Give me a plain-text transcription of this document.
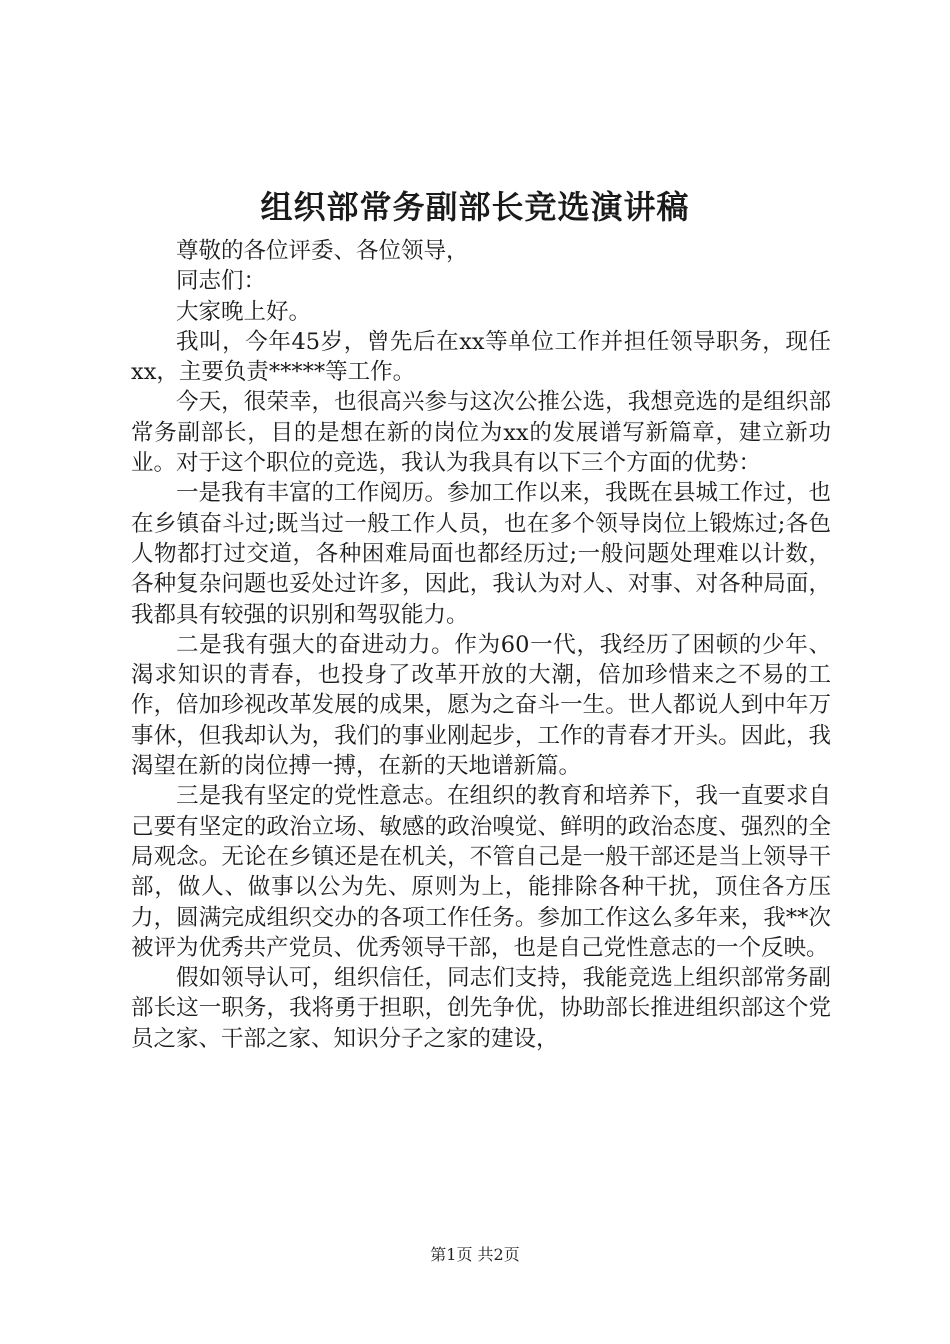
组织部常务副部长竞选演讲稿

尊敬的各位评委、各位领导，

同志们：

大家晚上好。

我叫，今年45岁，曾先后在xx等单位工作并担任领导职务，现任xx，主要负责*****等工作。

今天，很荣幸，也很高兴参与这次公推公选，我想竞选的是组织部常务副部长，目的是想在新的岗位为xx的发展谱写新篇章，建立新功业。对于这个职位的竞选，我认为我具有以下三个方面的优势：

一是我有丰富的工作阅历。参加工作以来，我既在县城工作过，也在乡镇奋斗过;既当过一般工作人员，也在多个领导岗位上锻炼过;各色人物都打过交道，各种困难局面也都经历过;一般问题处理难以计数，各种复杂问题也妥处过许多，因此，我认为对人、对事、对各种局面，我都具有较强的识别和驾驭能力。

二是我有强大的奋进动力。作为60一代，我经历了困顿的少年、渴求知识的青春，也投身了改革开放的大潮，倍加珍惜来之不易的工作，倍加珍视改革发展的成果，愿为之奋斗一生。世人都说人到中年万事休，但我却认为，我们的事业刚起步，工作的青春才开头。因此，我渴望在新的岗位搏一搏，在新的天地谱新篇。

三是我有坚定的党性意志。在组织的教育和培养下，我一直要求自己要有坚定的政治立场、敏感的政治嗅觉、鲜明的政治态度、强烈的全局观念。无论在乡镇还是在机关，不管自己是一般干部还是当上领导干部，做人、做事以公为先、原则为上，能排除各种干扰，顶住各方压力，圆满完成组织交办的各项工作任务。参加工作这么多年来，我**次被评为优秀共产党员、优秀领导干部，也是自己党性意志的一个反映。

假如领导认可，组织信任，同志们支持，我能竞选上组织部常务副部长这一职务，我将勇于担职，创先争优，协助部长推进组织部这个党员之家、干部之家、知识分子之家的建设，

第1页 共2页
